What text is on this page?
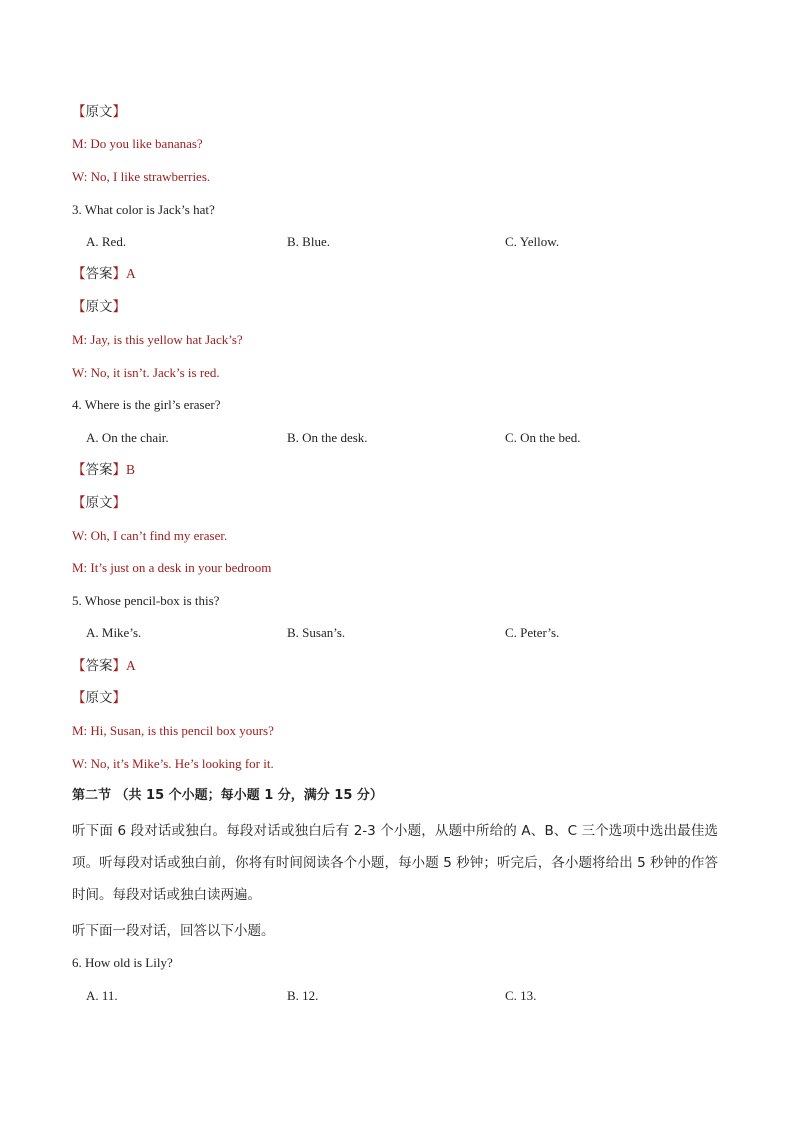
【原文】
M: Do you like bananas?
W: No, I like strawberries.
3. What color is Jack’s hat?
A. Red.	B. Blue.	C. Yellow.
【答案】A
【原文】
M: Jay, is this yellow hat Jack’s?
W: No, it isn’t. Jack’s is red.
4. Where is the girl’s eraser?
A. On the chair.	B. On the desk.	C. On the bed.
【答案】B
【原文】
W: Oh, I can’t find my eraser.
M: It’s just on a desk in your bedroom
5. Whose pencil-box is this?
A. Mike’s.	B. Susan’s.	C. Peter’s.
【答案】A
【原文】
M: Hi, Susan, is this pencil box yours?
W: No, it’s Mike’s. He’s looking for it.
第二节 （共 15 个小题；每小题 1 分，满分 15 分）
听下面 6 段对话或独白。每段对话或独白后有 2-3 个小题，从题中所给的 A、B、C 三个选项中选出最佳选项。听每段对话或独白前，你将有时间阅读各个小题，每小题 5 秒钟；听完后，各小题将给出 5 秒钟的作答时间。每段对话或独白读两遍。
听下面一段对话，回答以下小题。
6. How old is Lily?
A. 11.	B. 12.	C. 13.
